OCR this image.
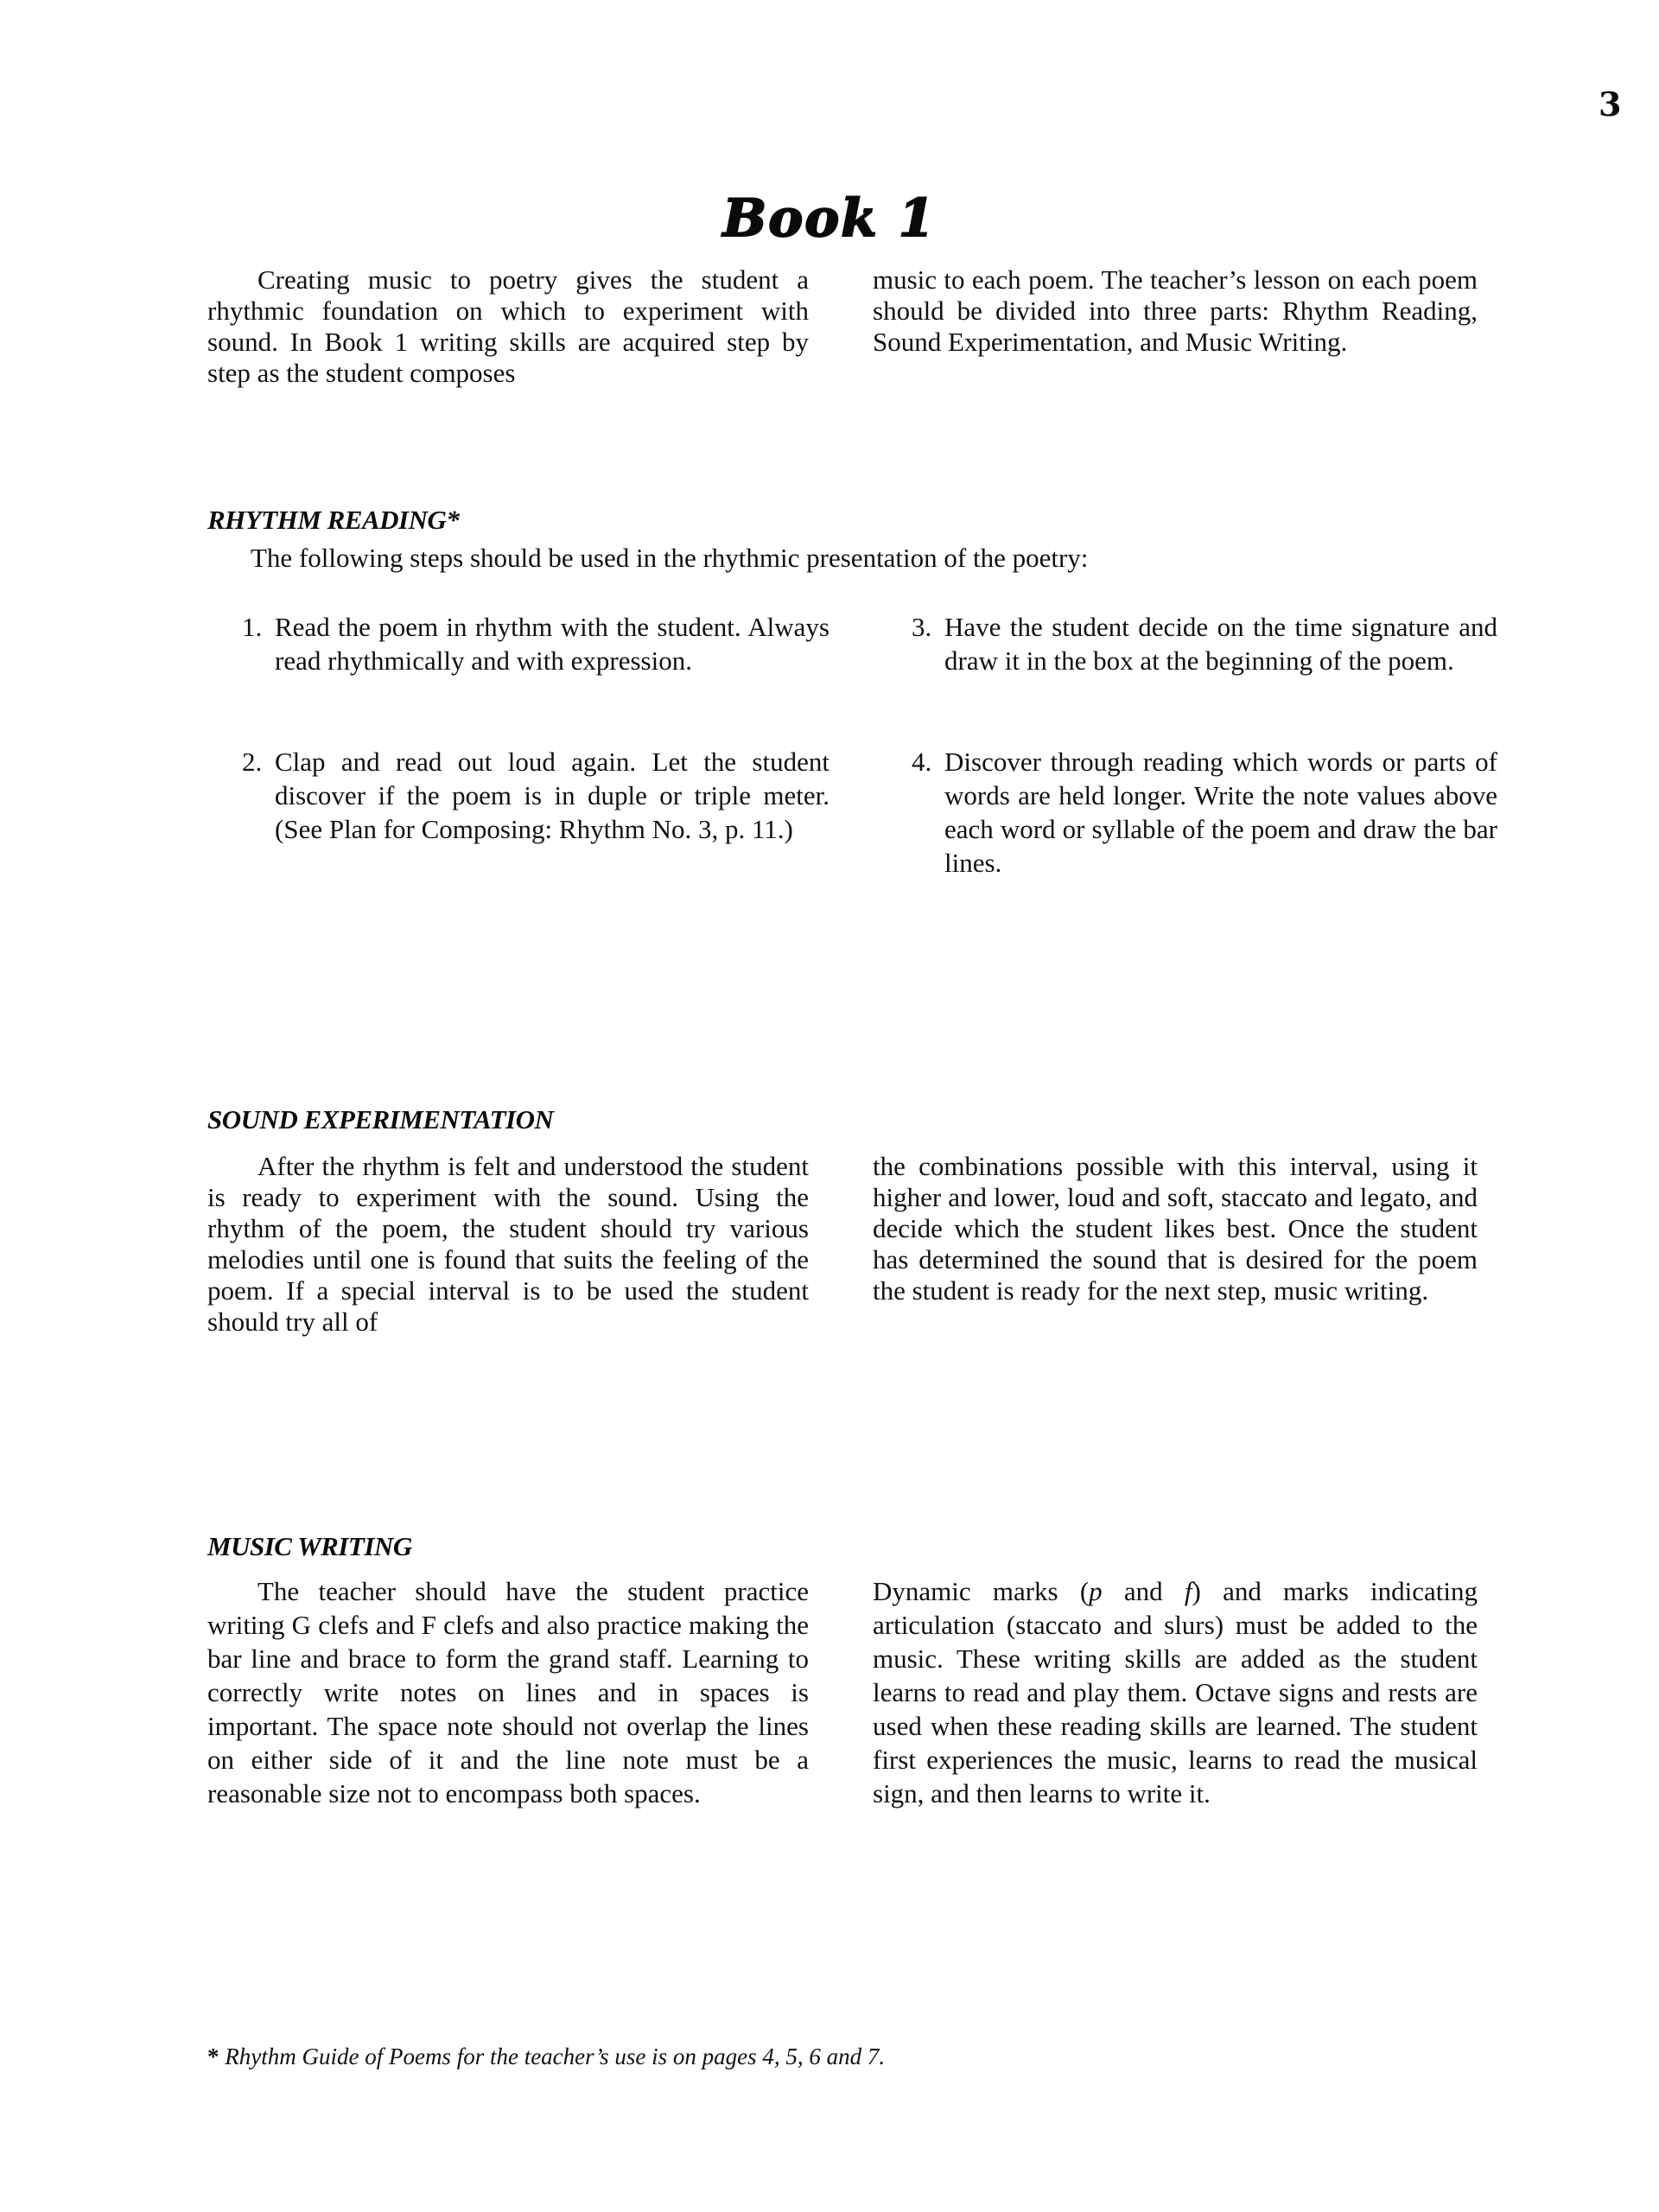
3
Book 1

Creating music to poetry gives the student a rhythmic foundation on which to experiment with sound. In Book 1 writing skills are acquired step by step as the student composes

music to each poem. The teacher’s lesson on each poem should be divided into three parts: Rhythm Reading, Sound Experimentation, and Music Writing.

RHYTHM READING*
The following steps should be used in the rhythmic presentation of the poetry:
1. Read the poem in rhythm with the student. Always read rhythmically and with expression.
2. Clap and read out loud again. Let the student discover if the poem is in duple or triple meter. (See Plan for Composing: Rhythm No. 3, p. 11.)
3. Have the student decide on the time signature and draw it in the box at the beginning of the poem.
4. Discover through reading which words or parts of words are held longer. Write the note values above each word or syllable of the poem and draw the bar lines.
SOUND EXPERIMENTATION

After the rhythm is felt and understood the student is ready to experiment with the sound. Using the rhythm of the poem, the student should try various melodies until one is found that suits the feeling of the poem. If a special interval is to be used the student should try all of

the combinations possible with this interval, using it higher and lower, loud and soft, staccato and legato, and decide which the student likes best. Once the student has determined the sound that is desired for the poem the student is ready for the next step, music writing.

MUSIC WRITING

The teacher should have the student practice writing G clefs and F clefs and also practice making the bar line and brace to form the grand staff. Learning to correctly write notes on lines and in spaces is important. The space note should not overlap the lines on either side of it and the line note must be a reasonable size not to encompass both spaces.

Dynamic marks (p and f) and marks indicating articulation (staccato and slurs) must be added to the music. These writing skills are added as the student learns to read and play them. Octave signs and rests are used when these reading skills are learned. The student first experiences the music, learns to read the musical sign, and then learns to write it.

* Rhythm Guide of Poems for the teacher’s use is on pages 4, 5, 6 and 7.
